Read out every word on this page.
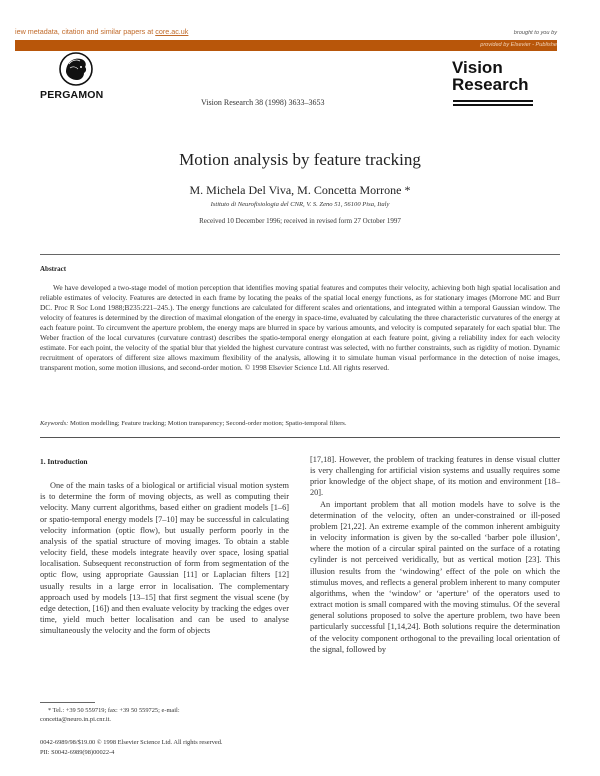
iew metadata, citation and similar papers at core.ac.uk	brought to you by
provided by Elsevier - Publishe
PERGAMON
Vision Research 38 (1998) 3633–3653
Vision
Research
Motion analysis by feature tracking
M. Michela Del Viva, M. Concetta Morrone *
Istituto di Neurofisiologia del CNR, V. S. Zeno 51, 56100 Pisa, Italy
Received 10 December 1996; received in revised form 27 October 1997
Abstract
We have developed a two-stage model of motion perception that identifies moving spatial features and computes their velocity, achieving both high spatial localisation and reliable estimates of velocity. Features are detected in each frame by locating the peaks of the spatial local energy functions, as for stationary images (Morrone MC and Burr DC. Proc R Soc Lond 1988;B235:221–245.). The energy functions are calculated for different scales and orientations, and integrated within a temporal Gaussian window. The velocity of features is determined by the direction of maximal elongation of the energy in space-time, evaluated by calculating the three characteristic curvatures of the energy at each feature point. To circumvent the aperture problem, the energy maps are blurred in space by various amounts, and velocity is computed separately for each spatial blur. The Weber fraction of the local curvatures (curvature contrast) describes the spatio-temporal energy elongation at each feature point, giving a reliability index for each velocity estimate. For each point, the velocity of the spatial blur that yielded the highest curvature contrast was selected, with no further constraints, such as rigidity of motion. Dynamic recruitment of operators of different size allows maximum flexibility of the analysis, allowing it to simulate human visual performance in the detection of noise images, transparent motion, some motion illusions, and second-order motion. © 1998 Elsevier Science Ltd. All rights reserved.
Keywords: Motion modelling; Feature tracking; Motion transparency; Second-order motion; Spatio-temporal filters.
1. Introduction

One of the main tasks of a biological or artificial visual motion system is to determine the form of moving objects, as well as computing their velocity. Many current algorithms, based either on gradient models [1–6] or spatio-temporal energy models [7–10] may be successful in calculating velocity information (optic flow), but usually perform poorly in the analysis of the spatial structure of moving images. To obtain a stable velocity field, these models integrate heavily over space, losing spatial localisation. Subsequent reconstruction of form from segmentation of the optic flow, using appropriate Gaussian [11] or Laplacian filters [12] usually results in a large error in localisation. The complementary approach used by models [13–15] that first segment the visual scene (by edge detection, [16]) and then evaluate velocity by tracking the edges over time, yield much better localisation and can be used to analyse simultaneously the velocity and the form of objects

[17,18]. However, the problem of tracking features in dense visual clutter is very challenging for artificial vision systems and usually requires some prior knowledge of the object shape, of its motion and environment [18–20].

An important problem that all motion models have to solve is the determination of the velocity, often an under-constrained or ill-posed problem [21,22]. An extreme example of the common inherent ambiguity in velocity information is given by the so-called ‘barber pole illusion’, where the motion of a circular spiral painted on the surface of a rotating cylinder is not perceived veridically, but as vertical motion [23]. This illusion results from the ‘windowing’ effect of the pole on which the stimulus moves, and reflects a general problem inherent to many computer algorithms, when the ‘window’ or ‘aperture’ of the operators used to extract motion is small compared with the moving stimulus. Of the several general solutions proposed to solve the aperture problem, two have been particularly successful [1,14,24]. Both solutions require the determination of the velocity component orthogonal to the prevailing local orientation of the signal, followed by

* Tel.: +39 50 559719; fax: +39 50 559725; e-mail:
concetta@neuro.in.pi.cnr.it.
0042-6989/98/$19.00 © 1998 Elsevier Science Ltd. All rights reserved.
PII: S0042-6989(98)00022-4
